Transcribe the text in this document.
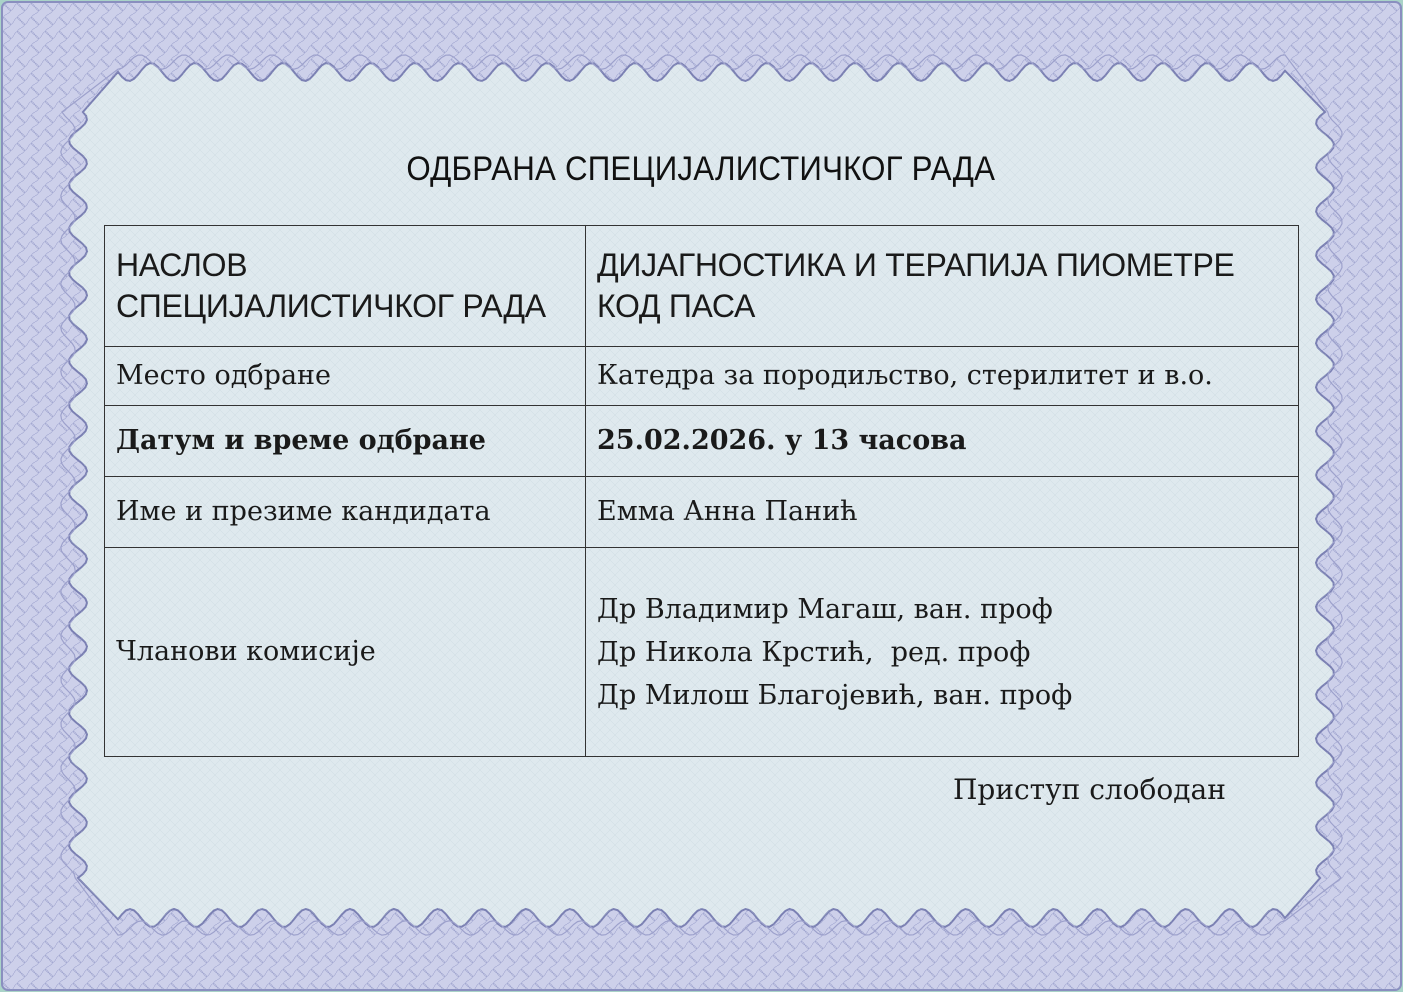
ОДБРАНА СПЕЦИЈАЛИСТИЧКОГ РАДА
НАСЛОВ СПЕЦИЈАЛИСТИЧКОГ РАДА	ДИЈАГНОСТИКА И ТЕРАПИЈА ПИОМЕТРЕ КОД ПАСА
Место одбране	Катедра за породиљство, стерилитет и в.о.
Датум и време одбране	25.02.2026. у 13 часова
Име и презиме кандидата	Емма Анна Панић
Чланови комисије	Др Владимир Магаш, ван. проф
Др Никола Крстић,  ред. проф
Др Милош Благојевић, ван. проф
Приступ слободан
